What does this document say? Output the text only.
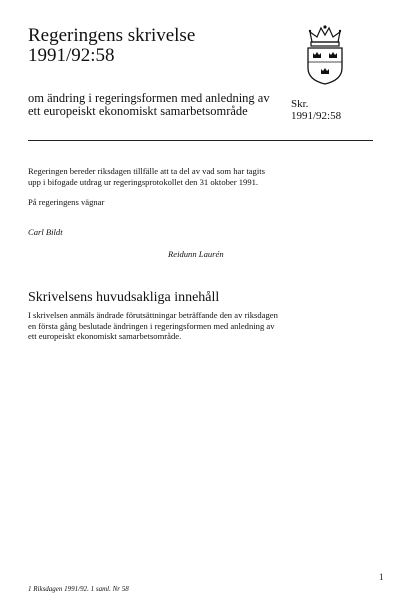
Regeringens skrivelse
1991/92:58
om ändring i regeringsformen med anledning av
ett europeiskt ekonomiskt samarbetsområde	Skr.
1991/92:58
Regeringen bereder riksdagen tillfälle att ta del av vad som har tagits
upp i bifogade utdrag ur regeringsprotokollet den 31 oktober 1991.
På regeringens vägnar
Carl Bildt
Reidunn Laurén
Skrivelsens huvudsakliga innehåll
I skrivelsen anmäls ändrade förutsättningar beträffande den av riksdagen
en första gång beslutade ändringen i regeringsformen med anledning av
ett europeiskt ekonomiskt samarbetsområde.
1
1 Riksdagen 1991/92. 1 saml. Nr 58
